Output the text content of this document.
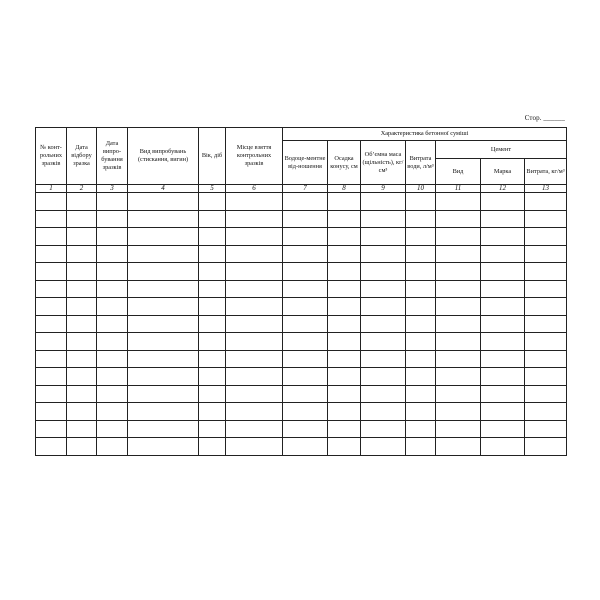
Стор. ______
№ конт-рольних зразків	Дата відбору зразка	Дата випро-бування зразків	Вид випробувань (стискання, вигин)	Вік, діб	Місце взяття контрольних зразків	Характеристика бетонної суміші						
						Водоце-ментне від-ношення	Осадка конусу, см	Об’ємна маса (щільність), кг/см³	Витрата води, л/м³	Цемент		
										Вид	Марка	Витрата, кг/м³
1	2	3	4	5	6	7	8	9	10	11	12	13
